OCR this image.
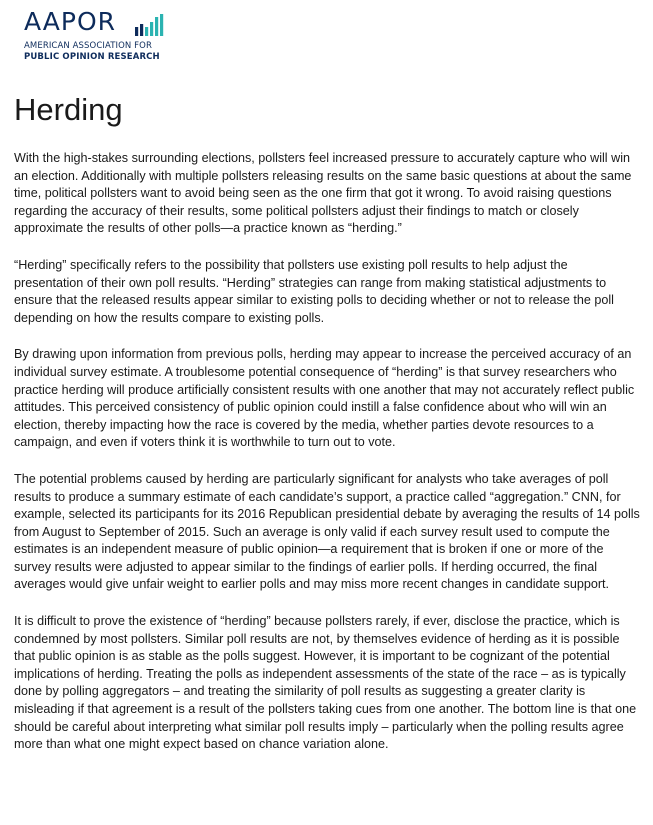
AAPOR
AMERICAN ASSOCIATION FOR
PUBLIC OPINION RESEARCH
Herding

With the high-stakes surrounding elections, pollsters feel increased pressure to accurately capture who will win an election. Additionally with multiple pollsters releasing results on the same basic questions at about the same time, political pollsters want to avoid being seen as the one firm that got it wrong. To avoid raising questions regarding the accuracy of their results, some political pollsters adjust their findings to match or closely approximate the results of other polls—a practice known as “herding.”

“Herding” specifically refers to the possibility that pollsters use existing poll results to help adjust the presentation of their own poll results. “Herding” strategies can range from making statistical adjustments to ensure that the released results appear similar to existing polls to deciding whether or not to release the poll depending on how the results compare to existing polls.

By drawing upon information from previous polls, herding may appear to increase the perceived accuracy of an individual survey estimate. A troublesome potential consequence of “herding” is that survey researchers who practice herding will produce artificially consistent results with one another that may not accurately reflect public attitudes. This perceived consistency of public opinion could instill a false confidence about who will win an election, thereby impacting how the race is covered by the media, whether parties devote resources to a campaign, and even if voters think it is worthwhile to turn out to vote.

The potential problems caused by herding are particularly significant for analysts who take averages of poll results to produce a summary estimate of each candidate’s support, a practice called “aggregation.” CNN, for example, selected its participants for its 2016 Republican presidential debate by averaging the results of 14 polls from August to September of 2015. Such an average is only valid if each survey result used to compute the estimates is an independent measure of public opinion—a requirement that is broken if one or more of the survey results were adjusted to appear similar to the findings of earlier polls. If herding occurred, the final averages would give unfair weight to earlier polls and may miss more recent changes in candidate support.

It is difficult to prove the existence of “herding” because pollsters rarely, if ever, disclose the practice, which is condemned by most pollsters. Similar poll results are not, by themselves evidence of herding as it is possible that public opinion is as stable as the polls suggest. However, it is important to be cognizant of the potential implications of herding. Treating the polls as independent assessments of the state of the race – as is typically done by polling aggregators – and treating the similarity of poll results as suggesting a greater clarity is misleading if that agreement is a result of the pollsters taking cues from one another. The bottom line is that one should be careful about interpreting what similar poll results imply – particularly when the polling results agree more than what one might expect based on chance variation alone.
